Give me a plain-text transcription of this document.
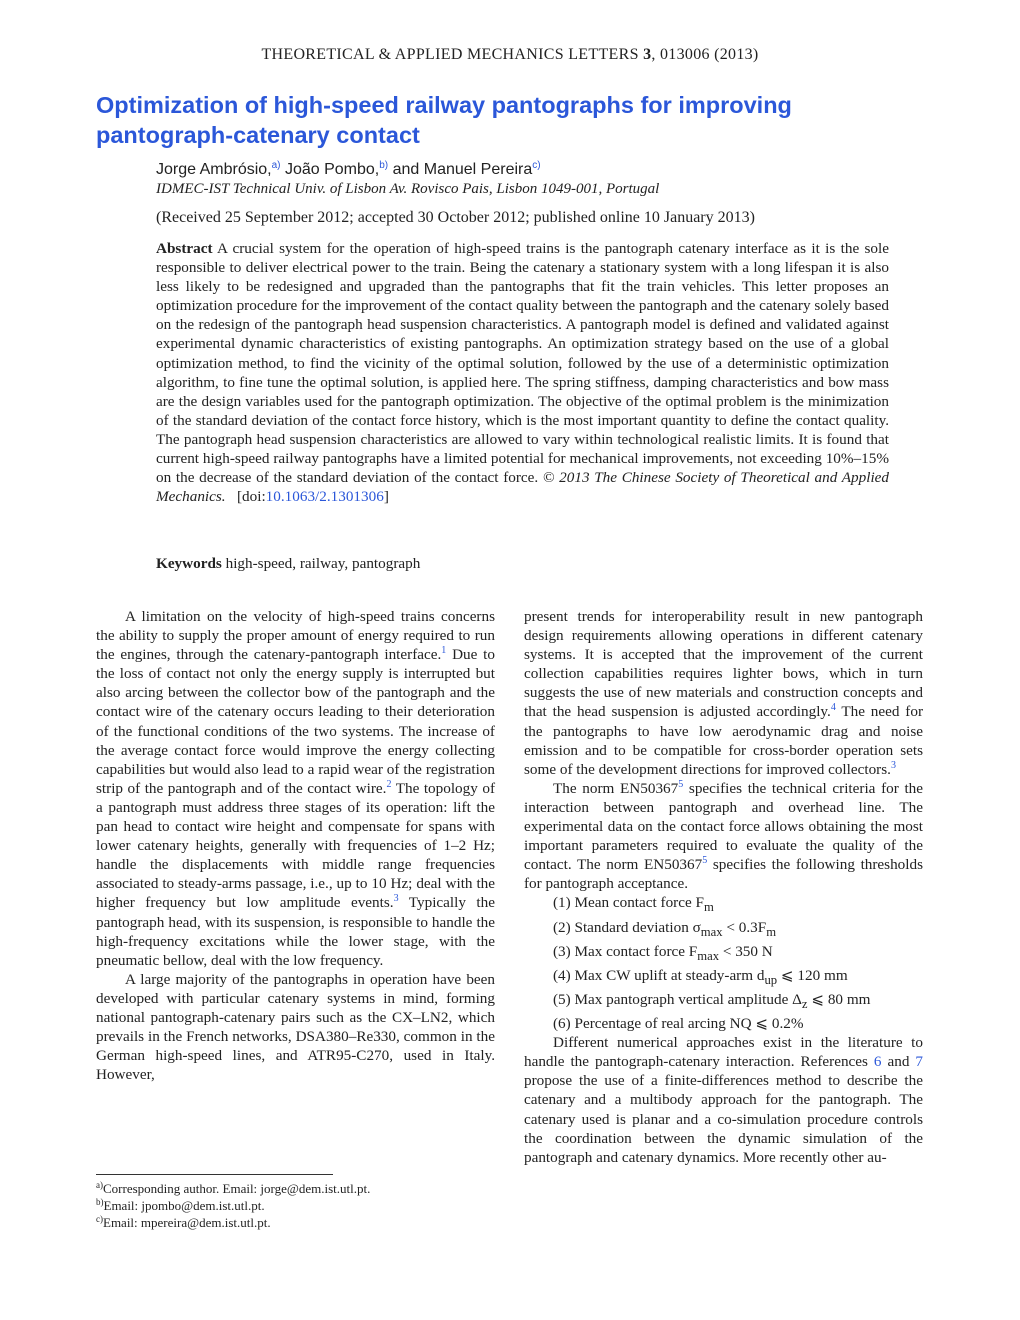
THEORETICAL & APPLIED MECHANICS LETTERS 3, 013006 (2013)
Optimization of high-speed railway pantographs for improving pantograph-catenary contact
Jorge Ambrósio,$^{a)}$ João Pombo,$^{b)}$ and Manuel Pereira$^{c)}$
IDMEC-IST Technical Univ. of Lisbon Av. Rovisco Pais, Lisbon 1049-001, Portugal
(Received 25 September 2012; accepted 30 October 2012; published online 10 January 2013)
Abstract A crucial system for the operation of high-speed trains is the pantograph catenary interface as it is the sole responsible to deliver electrical power to the train. Being the catenary a stationary system with a long lifespan it is also less likely to be redesigned and upgraded than the pantographs that fit the train vehicles. This letter proposes an optimization procedure for the improvement of the contact quality between the pantograph and the catenary solely based on the redesign of the pantograph head suspension characteristics. A pantograph model is defined and validated against experimental dynamic characteristics of existing pantographs. An optimization strategy based on the use of a global optimization method, to find the vicinity of the optimal solution, followed by the use of a deterministic optimization algorithm, to fine tune the optimal solution, is applied here. The spring stiffness, damping characteristics and bow mass are the design variables used for the pantograph optimization. The objective of the optimal problem is the minimization of the standard deviation of the contact force history, which is the most important quantity to define the contact quality. The pantograph head suspension characteristics are allowed to vary within technological realistic limits. It is found that current high-speed railway pantographs have a limited potential for mechanical improvements, not exceeding 10%–15% on the decrease of the standard deviation of the contact force. © 2013 The Chinese Society of Theoretical and Applied Mechanics. [doi:10.1063/2.1301306]
Keywords high-speed, railway, pantograph

A limitation on the velocity of high-speed trains concerns the ability to supply the proper amount of energy required to run the engines, through the catenary-pantograph interface.$^1$ Due to the loss of contact not only the energy supply is interrupted but also arcing between the collector bow of the pantograph and the contact wire of the catenary occurs leading to their deterioration of the functional conditions of the two systems. The increase of the average contact force would improve the energy collecting capabilities but would also lead to a rapid wear of the registration strip of the pantograph and of the contact wire.$^2$ The topology of a pantograph must address three stages of its operation: lift the pan head to contact wire height and compensate for spans with lower catenary heights, generally with frequencies of 1–2 Hz; handle the displacements with middle range frequencies associated to steady-arms passage, i.e., up to 10 Hz; deal with the higher frequency but low amplitude events.$^3$ Typically the pantograph head, with its suspension, is responsible to handle the high-frequency excitations while the lower stage, with the pneumatic bellow, deal with the low frequency.

A large majority of the pantographs in operation have been developed with particular catenary systems in mind, forming national pantograph-catenary pairs such as the CX–LN2, which prevails in the French networks, DSA380–Re330, common in the German high-speed lines, and ATR95-C270, used in Italy. However,

present trends for interoperability result in new pantograph design requirements allowing operations in different catenary systems. It is accepted that the improvement of the current collection capabilities requires lighter bows, which in turn suggests the use of new materials and construction concepts and that the head suspension is adjusted accordingly.$^4$ The need for the pantographs to have low aerodynamic drag and noise emission and to be compatible for cross-border operation sets some of the development directions for improved collectors.$^3$

The norm EN50367$^5$ specifies the technical criteria for the interaction between pantograph and overhead line. The experimental data on the contact force allows obtaining the most important parameters required to evaluate the quality of the contact. The norm EN50367$^5$ specifies the following thresholds for pantograph acceptance.

(1) Mean contact force $F_m$

(2) Standard deviation $\sigma_{max} < 0.3F_m$

(3) Max contact force $F_{max} < 350$ N

(4) Max CW uplift at steady-arm $d_{up}$ ⩽ 120 mm

(5) Max pantograph vertical amplitude $\Delta_z$ ⩽ 80 mm

(6) Percentage of real arcing NQ ⩽ 0.2%

Different numerical approaches exist in the literature to handle the pantograph-catenary interaction. References 6 and 7 propose the use of a finite-differences method to describe the catenary and a multibody approach for the pantograph. The catenary used is planar and a co-simulation procedure controls the coordination between the dynamic simulation of the pantograph and catenary dynamics. More recently other au-

$^{a)}$Corresponding author. Email: jorge@dem.ist.utl.pt.
$^{b)}$Email: jpombo@dem.ist.utl.pt.
$^{c)}$Email: mpereira@dem.ist.utl.pt.
